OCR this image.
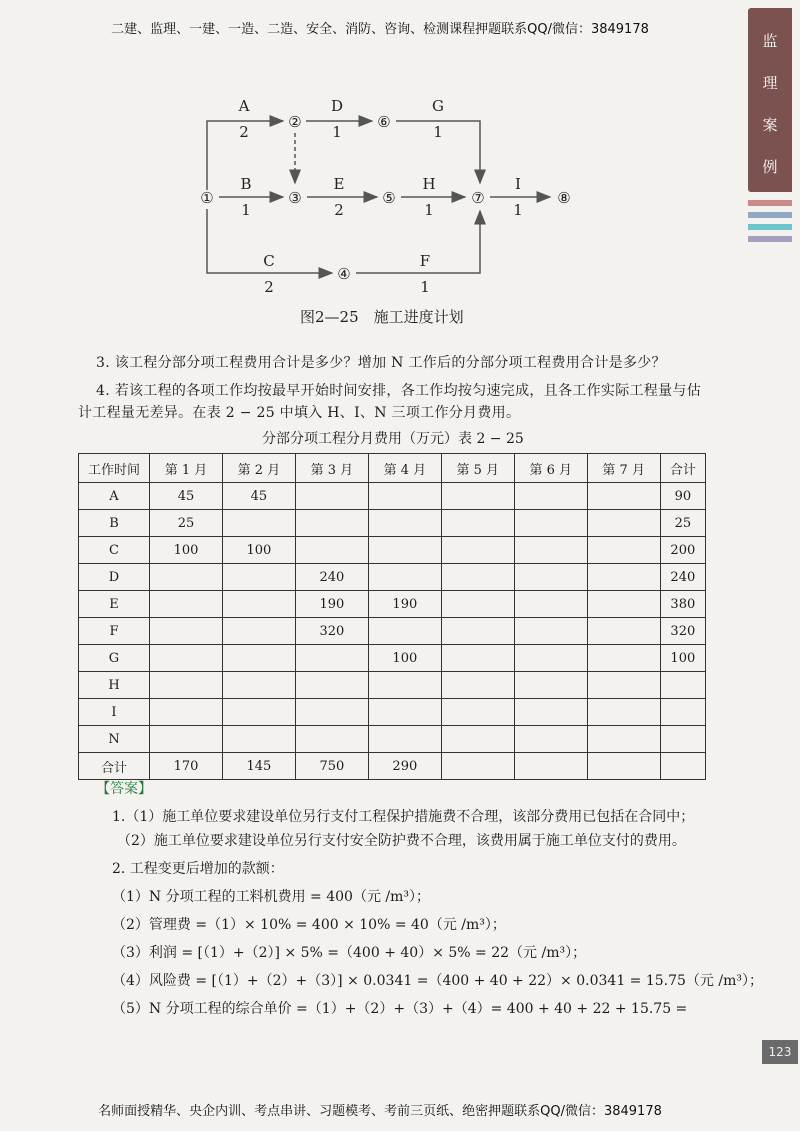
二建、监理、一建、一造、二造、安全、消防、咨询、检测课程押题联系QQ/微信：3849178
监
理
案
例
①
②
③
④
⑤
⑥
⑦	⑧
A
2
D
1
G
1
B
1
E
2
H
1
I
1
C
2
F
1
图2—25　施工进度计划
3. 该工程分部分项工程费用合计是多少？增加 N 工作后的分部分项工程费用合计是多少？
4. 若该工程的各项工作均按最早开始时间安排，各工作均按匀速完成，且各工作实际工程量与估
计工程量无差异。在表 2 − 25 中填入 H、I、N 三项工作分月费用。
分部分项工程分月费用（万元）表 2 − 25
工作时间	第 1 月	第 2 月	第 3 月	第 4 月	第 5 月	第 6 月	第 7 月	合计
A	45	45						90
B	25							25
C	100	100						200
D			240					240
E			190	190				380
F			320					320
G				100				100
H								
I								
N								
合计	170	145	750	290				
【答案】
1.（1）施工单位要求建设单位另行支付工程保护措施费不合理，该部分费用已包括在合同中；
（2）施工单位要求建设单位另行支付安全防护费不合理，该费用属于施工单位支付的费用。
2. 工程变更后增加的款额：
（1）N 分项工程的工料机费用 = 400（元 /m³）；
（2）管理费 =（1）× 10% = 400 × 10% = 40（元 /m³）；
（3）利润 = [（1）+（2）] × 5% =（400 + 40）× 5% = 22（元 /m³）；
（4）风险费 = [（1）+（2）+（3）] × 0.0341 =（400 + 40 + 22）× 0.0341 = 15.75（元 /m³）；
（5）N 分项工程的综合单价 =（1）+（2）+（3）+（4）= 400 + 40 + 22 + 15.75 =
123
名师面授精华、央企内训、考点串讲、习题模考、考前三页纸、绝密押题联系QQ/微信：3849178
